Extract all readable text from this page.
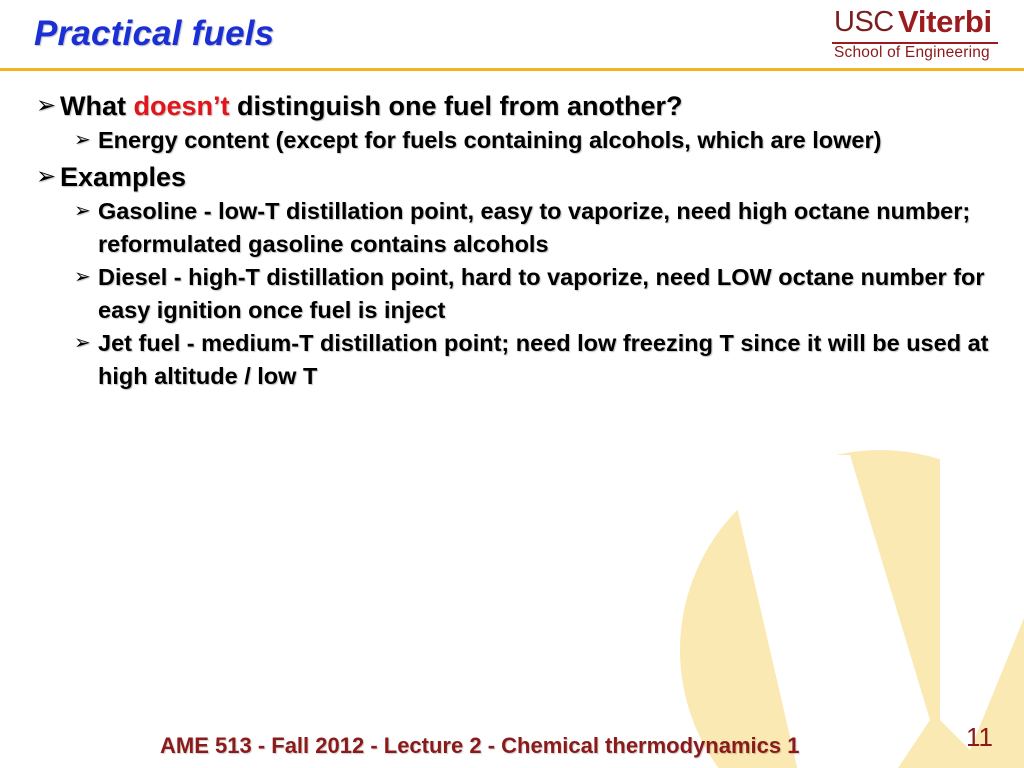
Practical fuels	USC Viterbi
School of Engineering
➢ What doesn’t distinguish one fuel from another?
➢ Energy content (except for fuels containing alcohols, which are lower)
➢ Examples
➢ Gasoline - low-T distillation point, easy to vaporize, need high octane number; reformulated gasoline contains alcohols
➢ Diesel - high-T distillation point, hard to vaporize, need LOW octane number for easy ignition once fuel is inject
➢ Jet fuel - medium-T distillation point; need low freezing T since it will be used at high altitude / low T
AME 513 - Fall 2012 - Lecture 2 - Chemical thermodynamics 1	11
